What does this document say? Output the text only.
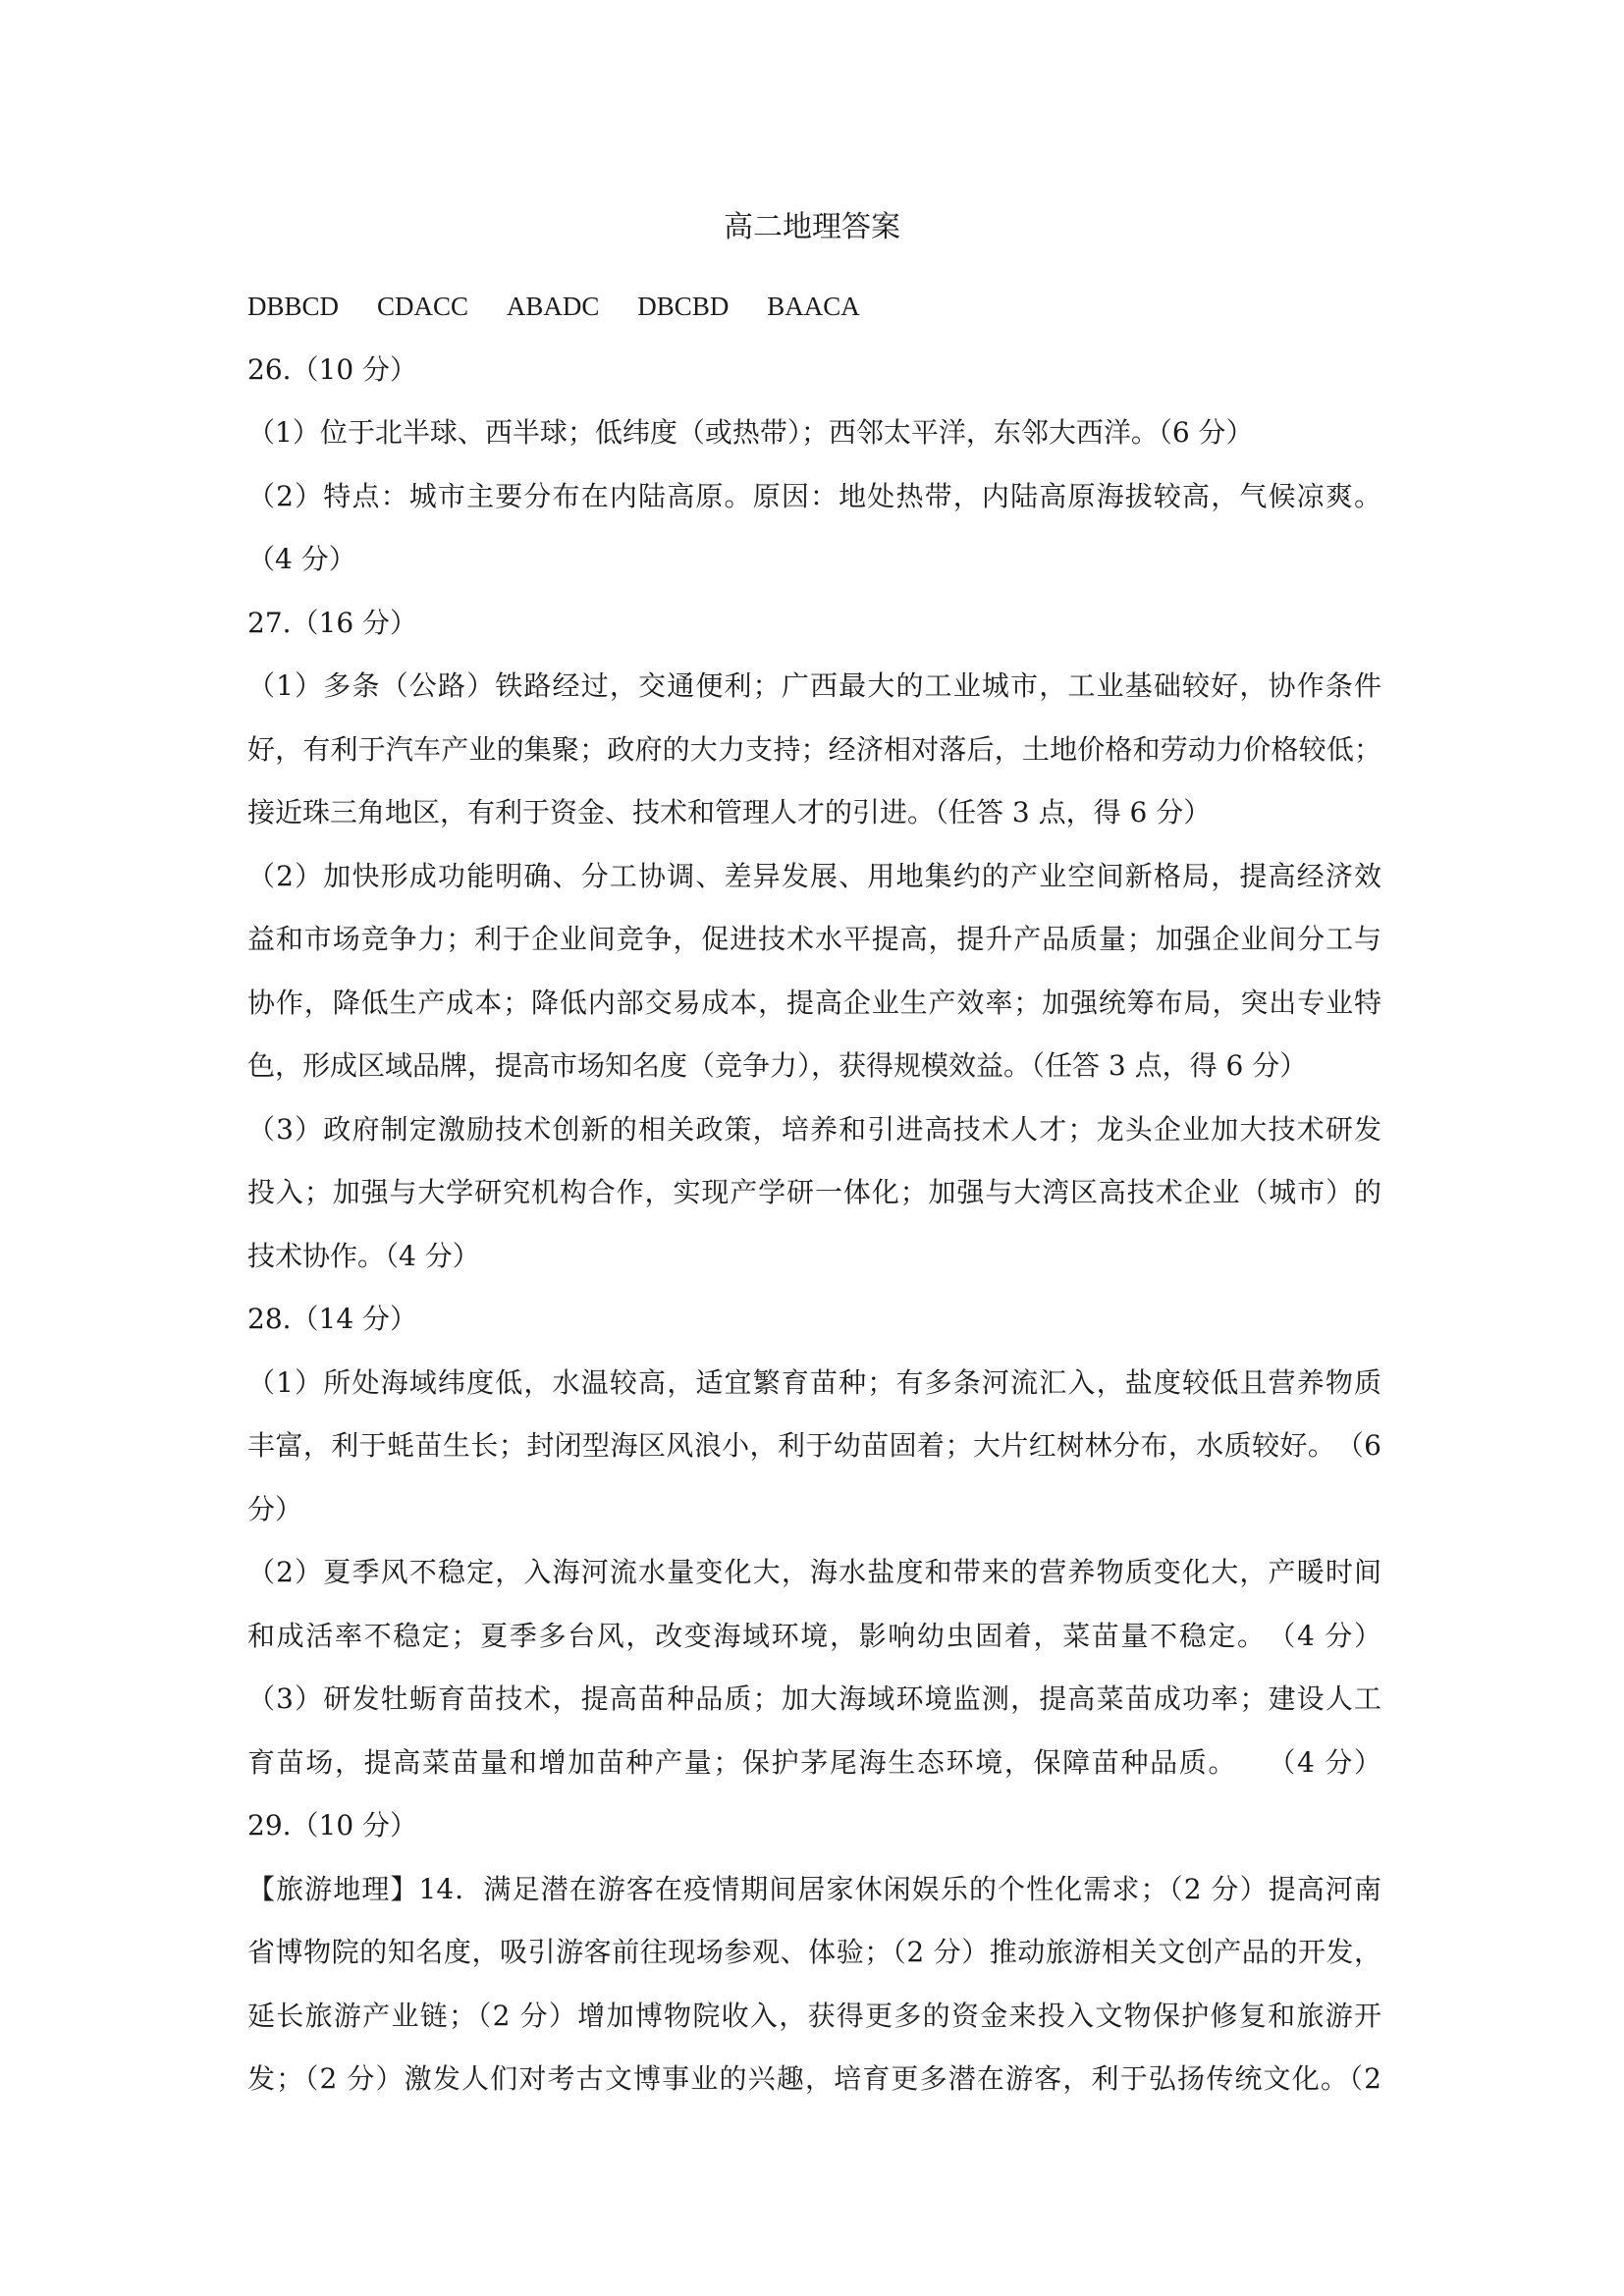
高二地理答案
DBBCD CDACC ABADC DBCBD BAACA
26.（10 分）
（1）位于北半球、西半球；低纬度（或热带）；西邻太平洋，东邻大西洋。（6 分）
（2）特点：城市主要分布在内陆高原。原因：地处热带，内陆高原海拔较高，气候凉爽。
（4 分）
27.（16 分）
（1）多条（公路）铁路经过，交通便利；广西最大的工业城市，工业基础较好，协作条件
好，有利于汽车产业的集聚；政府的大力支持；经济相对落后，土地价格和劳动力价格较低；
接近珠三角地区，有利于资金、技术和管理人才的引进。（任答 3 点，得 6 分）
（2）加快形成功能明确、分工协调、差异发展、用地集约的产业空间新格局，提高经济效
益和市场竞争力；利于企业间竞争，促进技术水平提高，提升产品质量；加强企业间分工与
协作，降低生产成本；降低内部交易成本，提高企业生产效率；加强统筹布局，突出专业特
色，形成区域品牌，提高市场知名度（竞争力），获得规模效益。（任答 3 点，得 6 分）
（3）政府制定激励技术创新的相关政策，培养和引进高技术人才；龙头企业加大技术研发
投入；加强与大学研究机构合作，实现产学研一体化；加强与大湾区高技术企业（城市）的
技术协作。（4 分）
28.（14 分）
（1）所处海域纬度低，水温较高，适宜繁育苗种；有多条河流汇入，盐度较低且营养物质
丰富，利于蚝苗生长；封闭型海区风浪小，利于幼苗固着；大片红树林分布，水质较好。　（6
分）
（2）夏季风不稳定，入海河流水量变化大，海水盐度和带来的营养物质变化大，产暖时间
和成活率不稳定；夏季多台风，改变海域环境，影响幼虫固着，菜苗量不稳定。　（4 分）
（3）研发牡蛎育苗技术，提高苗种品质；加大海域环境监测，提高菜苗成功率；建设人工
育苗场，提高菜苗量和增加苗种产量；保护茅尾海生态环境，保障苗种品质。　　（4 分）
29.（10 分）
【旅游地理】14．满足潜在游客在疫情期间居家休闲娱乐的个性化需求；（2 分）提高河南
省博物院的知名度，吸引游客前往现场参观、体验；（2 分）推动旅游相关文创产品的开发，
延长旅游产业链；（2 分）增加博物院收入，获得更多的资金来投入文物保护修复和旅游开
发；（2 分）激发人们对考古文博事业的兴趣，培育更多潜在游客，利于弘扬传统文化。（2
